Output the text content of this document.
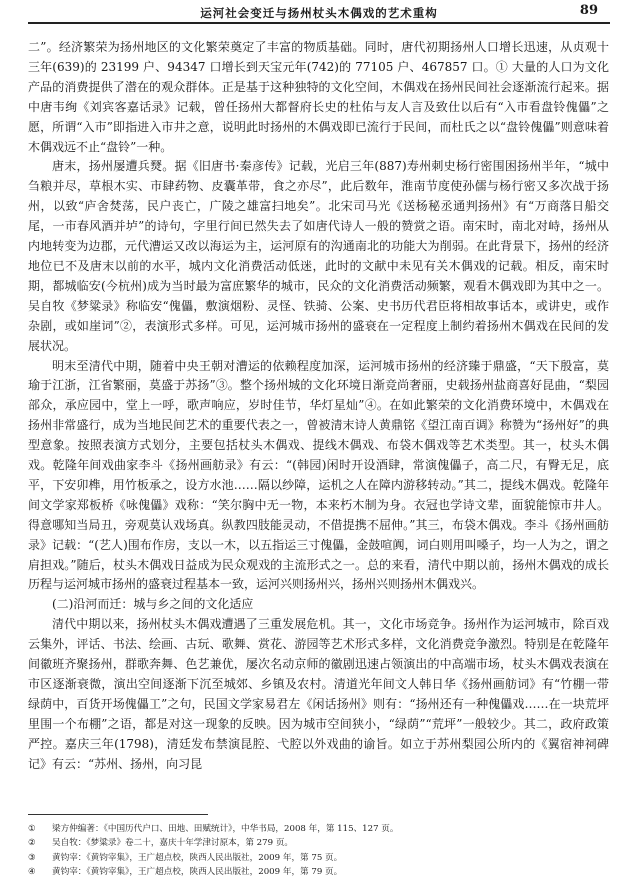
运河社会变迁与扬州杖头木偶戏的艺术重构	89

二”。经济繁荣为扬州地区的文化繁荣奠定了丰富的物质基础。同时，唐代初期扬州人口增长迅速，从贞观十三年(639)的 23199 户、94347 口增长到天宝元年(742)的 77105 户、467857 口。① 大量的人口为文化产品的消费提供了潜在的观众群体。正是基于这种独特的文化空间，木偶戏在扬州民间社会逐渐流行起来。据中唐韦绚《刘宾客嘉话录》记载，曾任扬州大都督府长史的杜佑与友人言及致仕以后有“入市看盘铃傀儡”之愿，所谓“入市”即指进入市井之意，说明此时扬州的木偶戏即已流行于民间，而杜氏之以“盘铃傀儡”则意味着木偶戏远不止“盘铃”一种。

唐末，扬州屡遭兵燹。据《旧唐书·秦彦传》记载，光启三年(887)寿州刺史杨行密围困扬州半年，“城中刍粮并尽，草根木实、市肆药物、皮囊革带，食之亦尽”，此后数年，淮南节度使孙儒与杨行密又多次战于扬州，以致“庐舍焚荡，民户丧亡，广陵之雄富扫地矣”。北宋司马光《送杨秘丞通判扬州》有“万商落日船交尾，一市春风酒并垆”的诗句，字里行间已然失去了如唐代诗人一般的赞赏之语。南宋时，南北对峙，扬州从内地转变为边郡，元代漕运又改以海运为主，运河原有的沟通南北的功能大为削弱。在此背景下，扬州的经济地位已不及唐末以前的水平，城内文化消费活动低迷，此时的文献中未见有关木偶戏的记载。相反，南宋时期，都城临安(今杭州)成为当时最为富庶繁华的城市，民众的文化消费活动频繁，观看木偶戏即为其中之一。吴自牧《梦粱录》称临安“傀儡，敷演烟粉、灵怪、铁骑、公案、史书历代君臣将相故事话本，或讲史，或作杂剧，或如崖词”②，表演形式多样。可见，运河城市扬州的盛衰在一定程度上制约着扬州木偶戏在民间的发展状况。

明末至清代中期，随着中央王朝对漕运的依赖程度加深，运河城市扬州的经济臻于鼎盛，“天下殷富，莫瑜于江浙，江省繁丽，莫盛于苏扬”③。整个扬州城的文化环境日渐竞尚奢丽，史载扬州盐商喜好昆曲，“梨园部众，承应园中，堂上一呼，歌声响应，岁时佳节，华灯星灿”④。在如此繁荣的文化消费环境中，木偶戏在扬州非常盛行，成为当地民间艺术的重要代表之一，曾被清末诗人黄鼎铭《望江南百调》称赞为“扬州好”的典型意象。按照表演方式划分，主要包括杖头木偶戏、提线木偶戏、布袋木偶戏等艺术类型。其一，杖头木偶戏。乾隆年间戏曲家李斗《扬州画舫录》有云：“(韩园)闲时开设酒肆，常演傀儡子，高二尺，有臀无足，底平，下安卯榫，用竹板承之，设方水池……隔以纱障，运机之人在障内游移转动。”其二，提线木偶戏。乾隆年间文学家郑板桥《咏傀儡》戏称：“笑尔胸中无一物，本来朽木制为身。衣冠也学诗文辈，面貌能惊市井人。得意哪知当局丑，旁观莫认戏场真。纵教四肢能灵动，不借提携不屈伸。”其三，布袋木偶戏。李斗《扬州画舫录》记载：“(艺人)围布作房，支以一木，以五指运三寸傀儡，金鼓喧阗，词白则用叫嗓子，均一人为之，谓之肩担戏。”随后，杖头木偶戏日益成为民众观戏的主流形式之一。总的来看，清代中期以前，扬州木偶戏的成长历程与运河城市扬州的盛衰过程基本一致，运河兴则扬州兴，扬州兴则扬州木偶戏兴。

(二)沿河而迁：城与乡之间的文化适应

清代中期以来，扬州杖头木偶戏遭遇了三重发展危机。其一，文化市场竞争。扬州作为运河城市，除百戏云集外，评话、书法、绘画、古玩、歌舞、赏花、游园等艺术形式多样，文化消费竞争激烈。特别是在乾隆年间徽班齐聚扬州，群歌奔舞、色艺兼优，屡次名动京师的徽剧迅速占领演出的中高端市场，杖头木偶戏表演在市区逐渐衰微，演出空间逐渐下沉至城郊、乡镇及农村。清道光年间文人韩日华《扬州画舫词》有“竹棚一带绿荫中，百货开场傀儡工”之句，民国文学家易君左《闲话扬州》则有：“扬州还有一种傀儡戏……在一块荒坪里围一个布棚”之语，都是对这一现象的反映。因为城市空间狭小，“绿荫”“荒坪”一般较少。其二，政府政策严控。嘉庆三年(1798)，清廷发布禁演昆腔、弋腔以外戏曲的谕旨。如立于苏州梨园公所内的《翼宿神祠碑记》有云：“苏州、扬州，向习昆

① 梁方仲编著：《中国历代户口、田地、田赋统计》，中华书局，2008 年，第 115、127 页。
② 吴自牧：《梦粱录》卷二十，嘉庆十年学津讨原本，第 279 页。
③ 黄钧宰：《黄钧宰集》，王广超点校，陕西人民出版社，2009 年，第 75 页。
④ 黄钧宰：《黄钧宰集》，王广超点校，陕西人民出版社，2009 年，第 79 页。
